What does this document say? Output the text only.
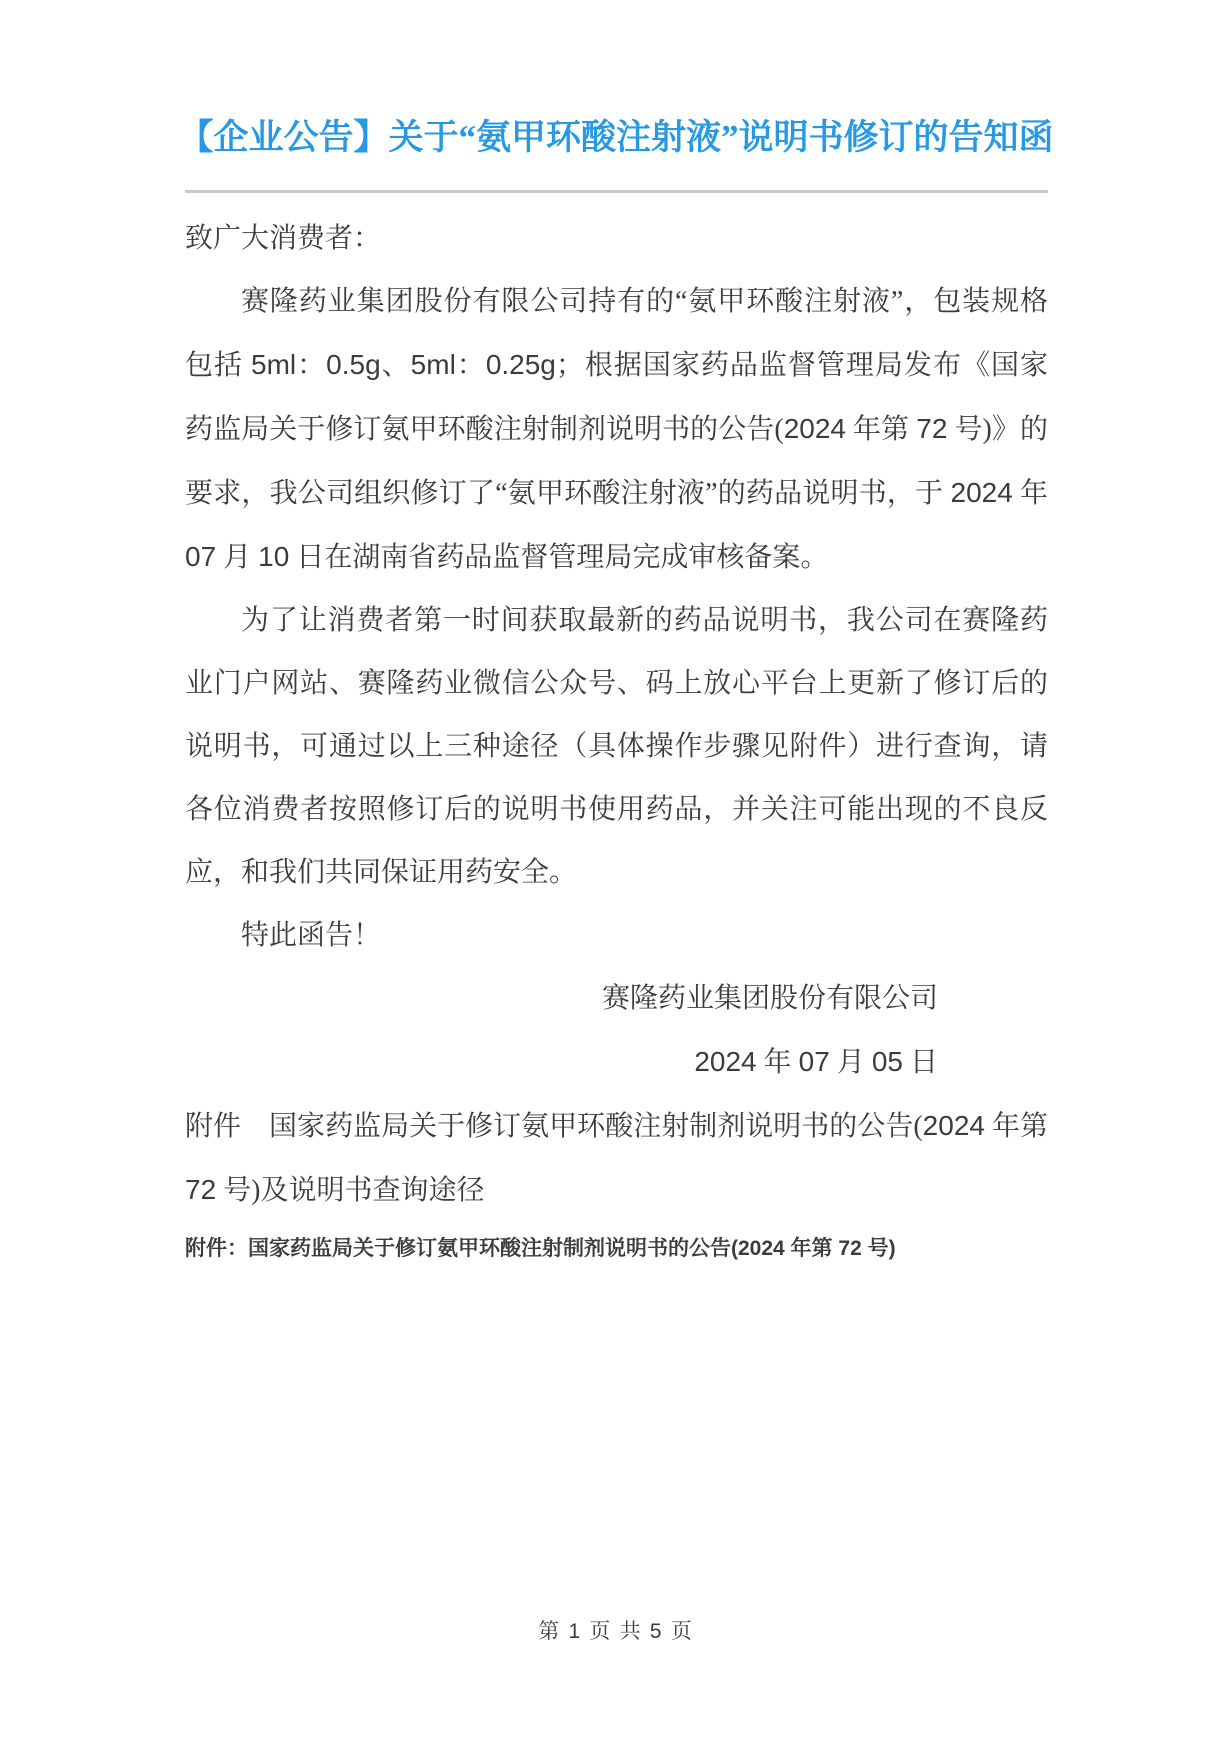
【企业公告】关于“氨甲环酸注射液”说明书修订的告知函

致广大消费者：

赛隆药业集团股份有限公司持有的“氨甲环酸注射液”，包装规格包括 5ml：0.5g、5ml：0.25g；根据国家药品监督管理局发布《国家药监局关于修订氨甲环酸注射制剂说明书的公告(2024 年第 72 号)》的要求，我公司组织修订了“氨甲环酸注射液”的药品说明书，于 2024 年 07 月 10 日在湖南省药品监督管理局完成审核备案。

为了让消费者第一时间获取最新的药品说明书，我公司在赛隆药业门户网站、赛隆药业微信公众号、码上放心平台上更新了修订后的说明书，可通过以上三种途径（具体操作步骤见附件）进行查询，请各位消费者按照修订后的说明书使用药品，并关注可能出现的不良反应，和我们共同保证用药安全。

特此函告！

赛隆药业集团股份有限公司

2024 年 07 月 05 日

附件　国家药监局关于修订氨甲环酸注射制剂说明书的公告(2024 年第 72 号)及说明书查询途径

附件：国家药监局关于修订氨甲环酸注射制剂说明书的公告(2024 年第 72 号)

第 1 页 共 5 页
